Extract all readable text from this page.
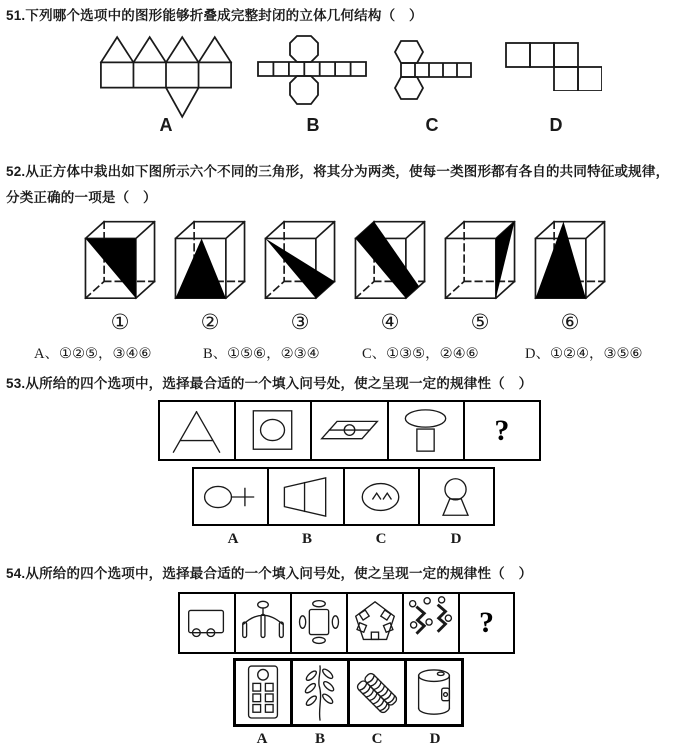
51.下列哪个选项中的图形能够折叠成完整封闭的立体几何结构（　）
A	B	C	D
52.从正方体中栽出如下图所示六个不同的三角形，将其分为两类，使每一类图形都有各自的共同特征或规律，
分类正确的一项是（　）
①	②	③	④	⑤	⑥
A、①②⑤，③④⑥	B、①⑤⑥，②③④	C、①③⑤，②④⑥	D、①②④，③⑤⑥
53.从所给的四个选项中，选择最合适的一个填入问号处，使之呈现一定的规律性（　）
?
A	B	C	D
54.从所给的四个选项中，选择最合适的一个填入问号处，使之呈现一定的规律性（　）
?
A	B	C	D
